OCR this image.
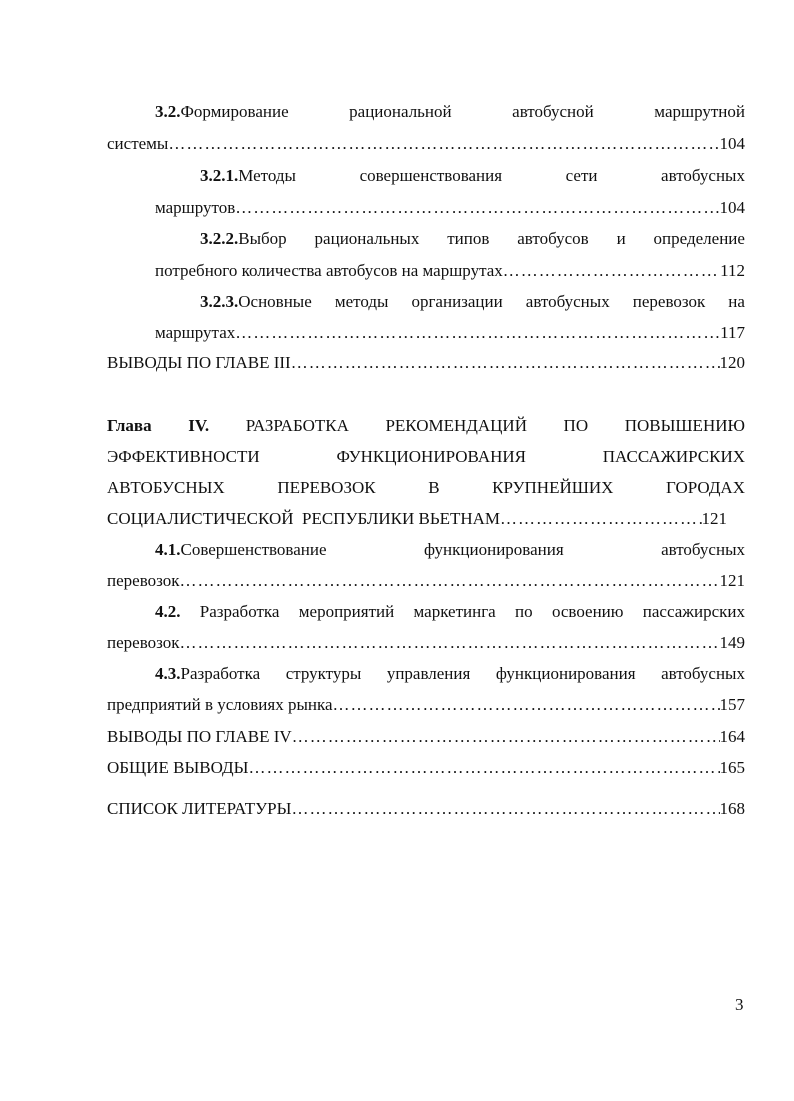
3.2.Формирование	рациональной	автобусной	маршрутной
системы ……………………………………………………………………………………………………………………………………………………………………………	104
3.2.1.Методы	совершенствования	сети	автобусных
маршрутов ……………………………………………………………………………………………………………………………………………………………………………	104
3.2.2.Выбор рациональных типов автобусов и определение
потребного количества автобусов на маршрутах ……………………………………………………………………………………………………………………………………………………………………………	112
3.2.3.Основные методы организации автобусных перевозок на
маршрутах ……………………………………………………………………………………………………………………………………………………………………………	117
ВЫВОДЫ ПО ГЛАВЕ III ……………………………………………………………………………………………………………………………………………………………………………	120
Глава IV. РАЗРАБОТКА РЕКОМЕНДАЦИЙ ПО ПОВЫШЕНИЮ
ЭФФЕКТИВНОСТИ	ФУНКЦИОНИРОВАНИЯ	ПАССАЖИРСКИХ
АВТОБУСНЫХ	ПЕРЕВОЗОК	В	КРУПНЕЙШИХ	ГОРОДАХ
СОЦИАЛИСТИЧЕСКОЙ  РЕСПУБЛИКИ ВЬЕТНАМ ……………………………………………………………………………………………………………………………………………………………………………	121
4.1.Совершенствование	функционирования	автобусных
перевозок ……………………………………………………………………………………………………………………………………………………………………………	121
4.2. Разработка мероприятий маркетинга по освоению пассажирских
перевозок ……………………………………………………………………………………………………………………………………………………………………………	149
4.3.Разработка структуры управления функционирования автобусных
предприятий в условиях рынка ……………………………………………………………………………………………………………………………………………………………………………	157
ВЫВОДЫ ПО ГЛАВЕ IV ……………………………………………………………………………………………………………………………………………………………………………	164
ОБЩИЕ ВЫВОДЫ ……………………………………………………………………………………………………………………………………………………………………………	165
СПИСОК ЛИТЕРАТУРЫ ……………………………………………………………………………………………………………………………………………………………………………	168
3
